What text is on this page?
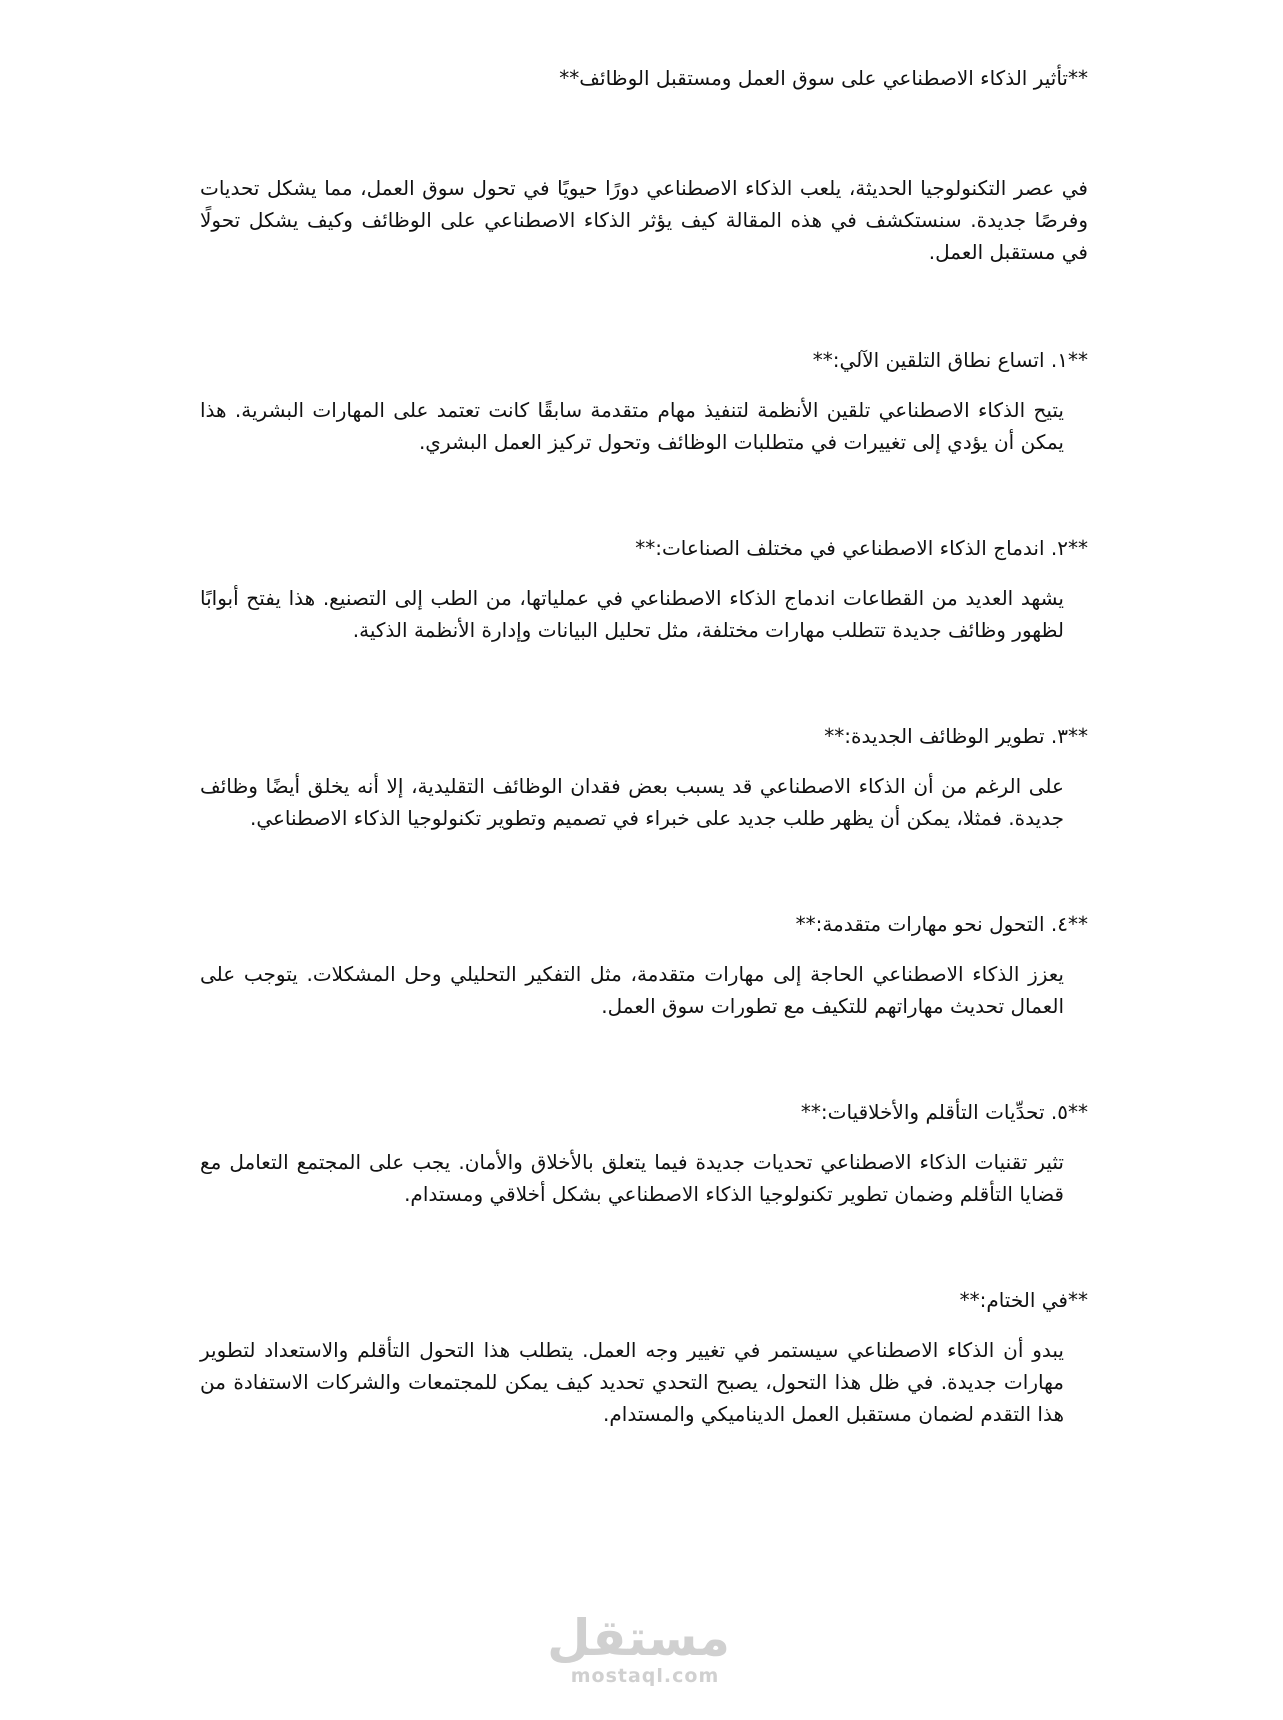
**تأثير الذكاء الاصطناعي على سوق العمل ومستقبل الوظائف**

في عصر التكنولوجيا الحديثة، يلعب الذكاء الاصطناعي دورًا حيويًا في تحول سوق العمل، مما يشكل تحديات وفرصًا جديدة. سنستكشف في هذه المقالة كيف يؤثر الذكاء الاصطناعي على الوظائف وكيف يشكل تحولًا في مستقبل العمل.

**١. اتساع نطاق التلقين الآلي:**

يتيح الذكاء الاصطناعي تلقين الأنظمة لتنفيذ مهام متقدمة سابقًا كانت تعتمد على المهارات البشرية. هذا يمكن أن يؤدي إلى تغييرات في متطلبات الوظائف وتحول تركيز العمل البشري.

**٢. اندماج الذكاء الاصطناعي في مختلف الصناعات:**

يشهد العديد من القطاعات اندماج الذكاء الاصطناعي في عملياتها، من الطب إلى التصنيع. هذا يفتح أبوابًا لظهور وظائف جديدة تتطلب مهارات مختلفة، مثل تحليل البيانات وإدارة الأنظمة الذكية.

**٣. تطوير الوظائف الجديدة:**

على الرغم من أن الذكاء الاصطناعي قد يسبب بعض فقدان الوظائف التقليدية، إلا أنه يخلق أيضًا وظائف جديدة. فمثلا، يمكن أن يظهر طلب جديد على خبراء في تصميم وتطوير تكنولوجيا الذكاء الاصطناعي.

**٤. التحول نحو مهارات متقدمة:**

يعزز الذكاء الاصطناعي الحاجة إلى مهارات متقدمة، مثل التفكير التحليلي وحل المشكلات. يتوجب على العمال تحديث مهاراتهم للتكيف مع تطورات سوق العمل.

**٥. تحدِّيات التأقلم والأخلاقيات:**

تثير تقنيات الذكاء الاصطناعي تحديات جديدة فيما يتعلق بالأخلاق والأمان. يجب على المجتمع التعامل مع قضايا التأقلم وضمان تطوير تكنولوجيا الذكاء الاصطناعي بشكل أخلاقي ومستدام.

**في الختام:**

يبدو أن الذكاء الاصطناعي سيستمر في تغيير وجه العمل. يتطلب هذا التحول التأقلم والاستعداد لتطوير مهارات جديدة. في ظل هذا التحول، يصبح التحدي تحديد كيف يمكن للمجتمعات والشركات الاستفادة من هذا التقدم لضمان مستقبل العمل الديناميكي والمستدام.

مستقل
mostaql.com
